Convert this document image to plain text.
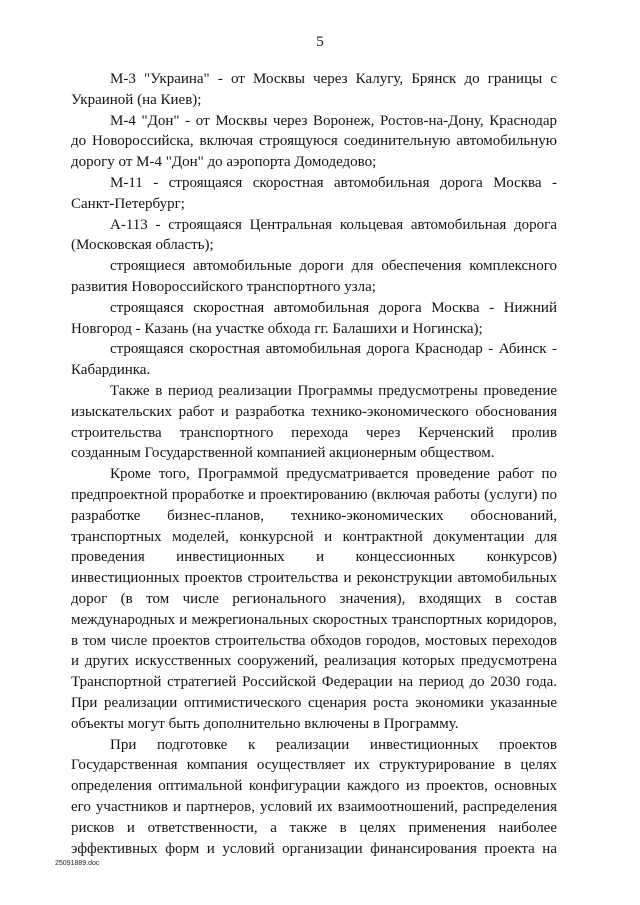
5
М-3 "Украина" - от Москвы через Калугу, Брянск до границы с
Украиной (на Киев);
М-4 "Дон" - от Москвы через Воронеж, Ростов-на-Дону, Краснодар
до Новороссийска, включая строящуюся соединительную автомобильную
дорогу от М-4 "Дон" до аэропорта Домодедово;
М-11 - строящаяся скоростная автомобильная дорога Москва -
Санкт-Петербург;
А-113 - строящаяся Центральная кольцевая автомобильная дорога
(Московская область);
строящиеся автомобильные дороги для обеспечения комплексного
развития Новороссийского транспортного узла;
строящаяся скоростная автомобильная дорога Москва - Нижний
Новгород - Казань (на участке обхода гг. Балашихи и Ногинска);
строящаяся скоростная автомобильная дорога Краснодар - Абинск -
Кабардинка.
Также в период реализации Программы предусмотрены проведение
изыскательских работ и разработка технико-экономического обоснования
строительства транспортного перехода через Керченский пролив
созданным Государственной компанией акционерным обществом.
Кроме того, Программой предусматривается проведение работ по
предпроектной проработке и проектированию (включая работы (услуги) по
разработке бизнес-планов, технико-экономических обоснований,
транспортных моделей, конкурсной и контрактной документации для
проведения инвестиционных и концессионных конкурсов)
инвестиционных проектов строительства и реконструкции автомобильных
дорог (в том числе регионального значения), входящих в состав
международных и межрегиональных скоростных транспортных коридоров,
в том числе проектов строительства обходов городов, мостовых переходов
и других искусственных сооружений, реализация которых предусмотрена
Транспортной стратегией Российской Федерации на период до 2030 года.
При реализации оптимистического сценария роста экономики указанные
объекты могут быть дополнительно включены в Программу.
При подготовке к реализации инвестиционных проектов
Государственная компания осуществляет их структурирование в целях
определения оптимальной конфигурации каждого из проектов, основных
его участников и партнеров, условий их взаимоотношений, распределения
рисков и ответственности, а также в целях применения наиболее
эффективных форм и условий организации финансирования проекта на
25091889.doc
